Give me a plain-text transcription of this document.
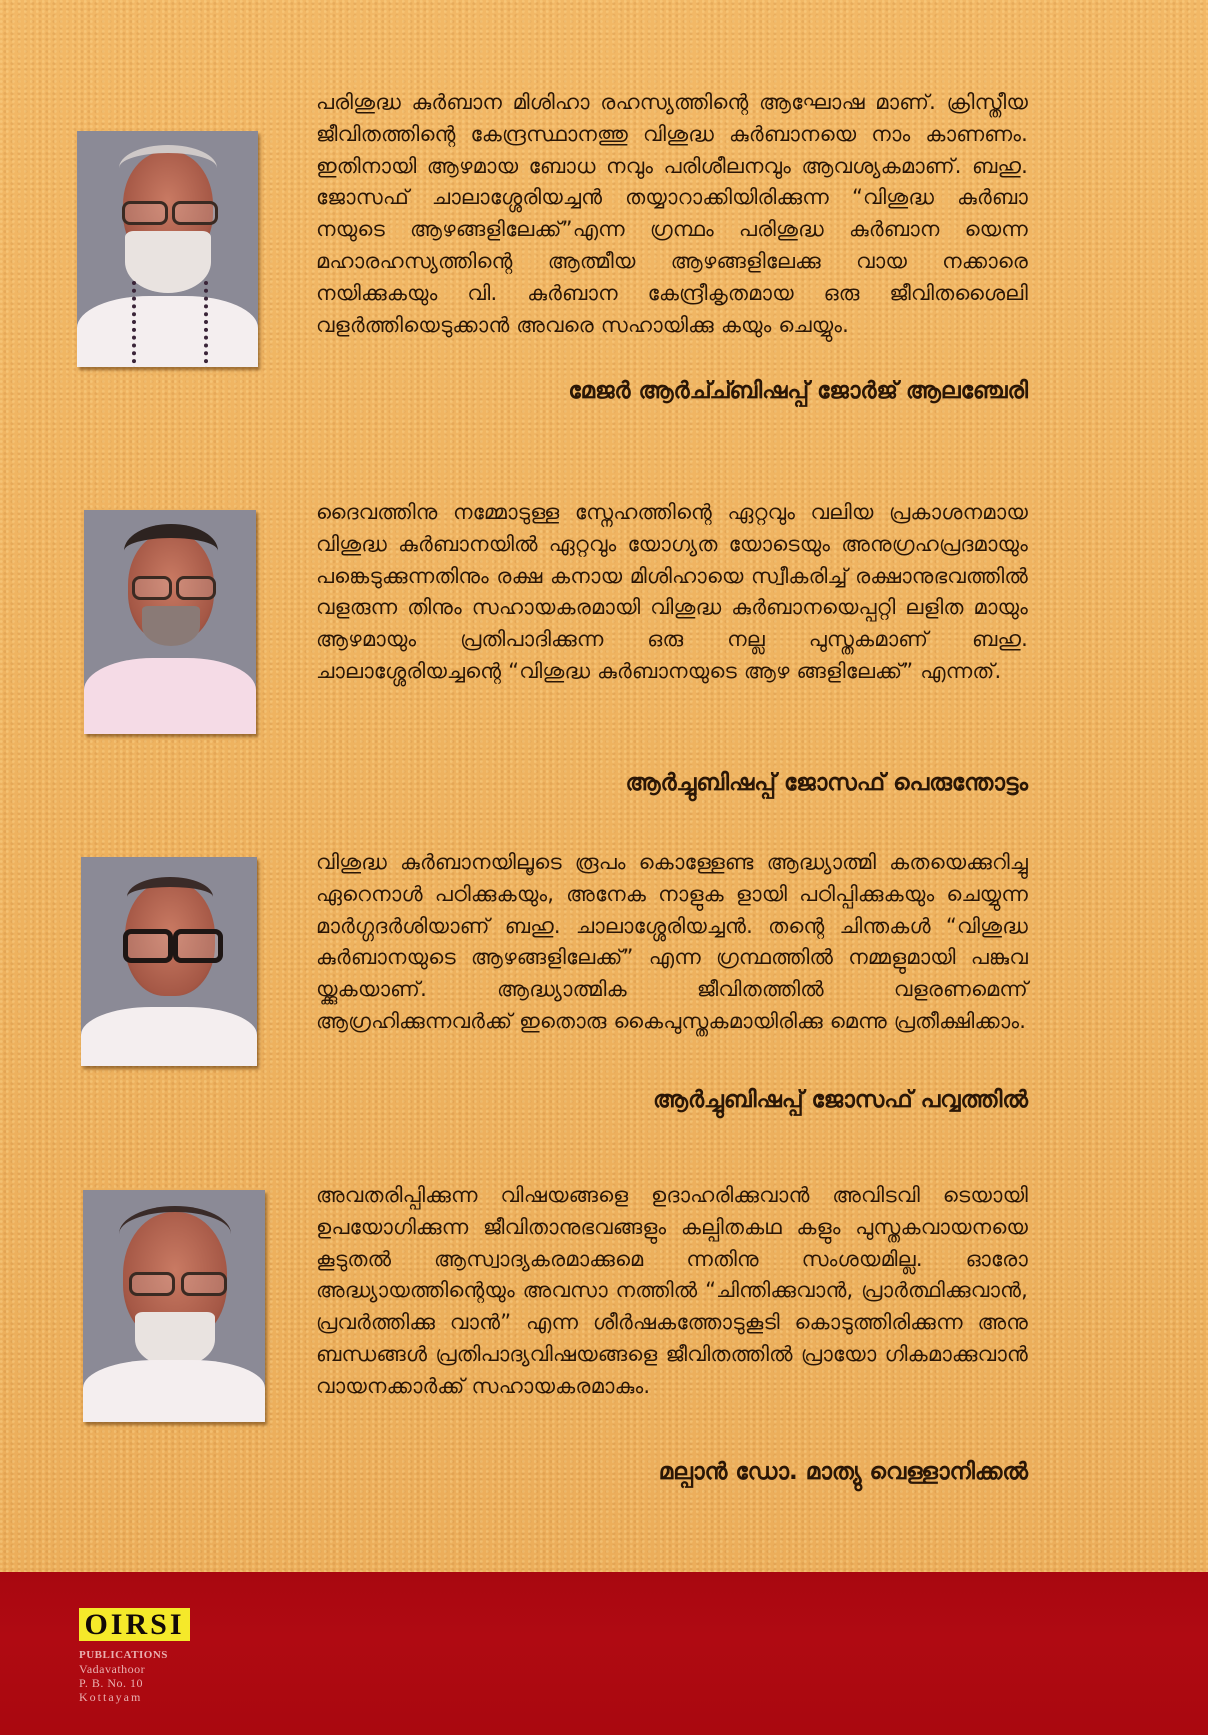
പരിശുദ്ധ കുർബാന മിശിഹാ രഹസ്യത്തിന്റെ ആഘോഷ മാണ്. ക്രിസ്തീയ ജീവിതത്തിന്റെ കേന്ദ്രസ്ഥാനത്തു വിശുദ്ധ കുർബാനയെ നാം കാണണം. ഇതിനായി ആഴമായ ബോധ നവും പരിശീലനവും ആവശ്യകമാണ്. ബഹു. ജോസഫ് ചാലാശ്ശേരിയച്ചൻ തയ്യാറാക്കിയിരിക്കുന്ന “വിശുദ്ധ കുർബാ നയുടെ ആഴങ്ങളിലേക്ക്”എന്ന ഗ്രന്ഥം പരിശുദ്ധ കുർബാന യെന്ന മഹാരഹസ്യത്തിന്റെ ആത്മീയ ആഴങ്ങളിലേക്കു വായ നക്കാരെ നയിക്കുകയും വി. കുർബാന കേന്ദ്രീകൃതമായ ഒരു ജീവിതശൈലി വളർത്തിയെടുക്കാൻ അവരെ സഹായിക്കു കയും ചെയ്യും.

മേജർ ആർച്ച്ബിഷപ്പ് ജോർജ് ആലഞ്ചേരി

ദൈവത്തിനു നമ്മോടുള്ള സ്നേഹത്തിന്റെ ഏറ്റവും വലിയ പ്രകാശനമായ വിശുദ്ധ കുർബാനയിൽ ഏറ്റവും യോഗ്യത യോടെയും അനുഗ്രഹപ്രദമായും പങ്കെടുക്കുന്നതിനും രക്ഷ കനായ മിശിഹായെ സ്വീകരിച്ച് രക്ഷാനുഭവത്തിൽ വളരുന്ന തിനും സഹായകരമായി വിശുദ്ധ കുർബാനയെപ്പറ്റി ലളിത മായും ആഴമായും പ്രതിപാദിക്കുന്ന ഒരു നല്ല പുസ്തകമാണ് ബഹു. ചാലാശ്ശേരിയച്ചന്റെ “വിശുദ്ധ കുർബാനയുടെ ആഴ ങ്ങളിലേക്ക്” എന്നത്.

ആർച്ചുബിഷപ്പ് ജോസഫ് പെരുന്തോട്ടം

വിശുദ്ധ കുർബാനയിലൂടെ രൂപം കൊള്ളേണ്ട ആദ്ധ്യാത്മി കതയെക്കുറിച്ചു ഏറെനാൾ പഠിക്കുകയും, അനേക നാളുക ളായി പഠിപ്പിക്കുകയും ചെയ്യുന്ന മാർഗ്ഗദർശിയാണ് ബഹു. ചാലാശ്ശേരിയച്ചൻ. തന്റെ ചിന്തകൾ “വിശുദ്ധ കുർബാനയുടെ ആഴങ്ങളിലേക്ക്” എന്ന ഗ്രന്ഥത്തിൽ നമ്മളുമായി പങ്കുവ യ്ക്കുകയാണ്. ആദ്ധ്യാത്മിക ജീവിതത്തിൽ വളരണമെന്ന് ആഗ്രഹിക്കുന്നവർക്ക് ഇതൊരു കൈപുസ്തകമായിരിക്കു മെന്നു പ്രതീക്ഷിക്കാം.

ആർച്ചുബിഷപ്പ് ജോസഫ് പവ്വത്തിൽ

അവതരിപ്പിക്കുന്ന വിഷയങ്ങളെ ഉദാഹരിക്കുവാൻ അവിടവി ടെയായി ഉപയോഗിക്കുന്ന ജീവിതാനുഭവങ്ങളും കല്പിതകഥ കളും പുസ്തകവായനയെ കൂടുതൽ ആസ്വാദ്യകരമാക്കുമെ ന്നതിനു സംശയമില്ല. ഓരോ അദ്ധ്യായത്തിന്റെയും അവസാ നത്തിൽ “ചിന്തിക്കുവാൻ, പ്രാർത്ഥിക്കുവാൻ, പ്രവർത്തിക്കു വാൻ” എന്ന ശീർഷകത്തോടുകൂടി കൊടുത്തിരിക്കുന്ന അനു ബന്ധങ്ങൾ പ്രതിപാദ്യവിഷയങ്ങളെ ജീവിതത്തിൽ പ്രായോ ഗികമാക്കുവാൻ വായനക്കാർക്ക് സഹായകരമാകും.

മല്പാൻ ഡോ. മാത്യു വെള്ളാനിക്കൽ
OIRSI
PUBLICATIONS
Vadavathoor
P. B. No. 10
Kottayam
